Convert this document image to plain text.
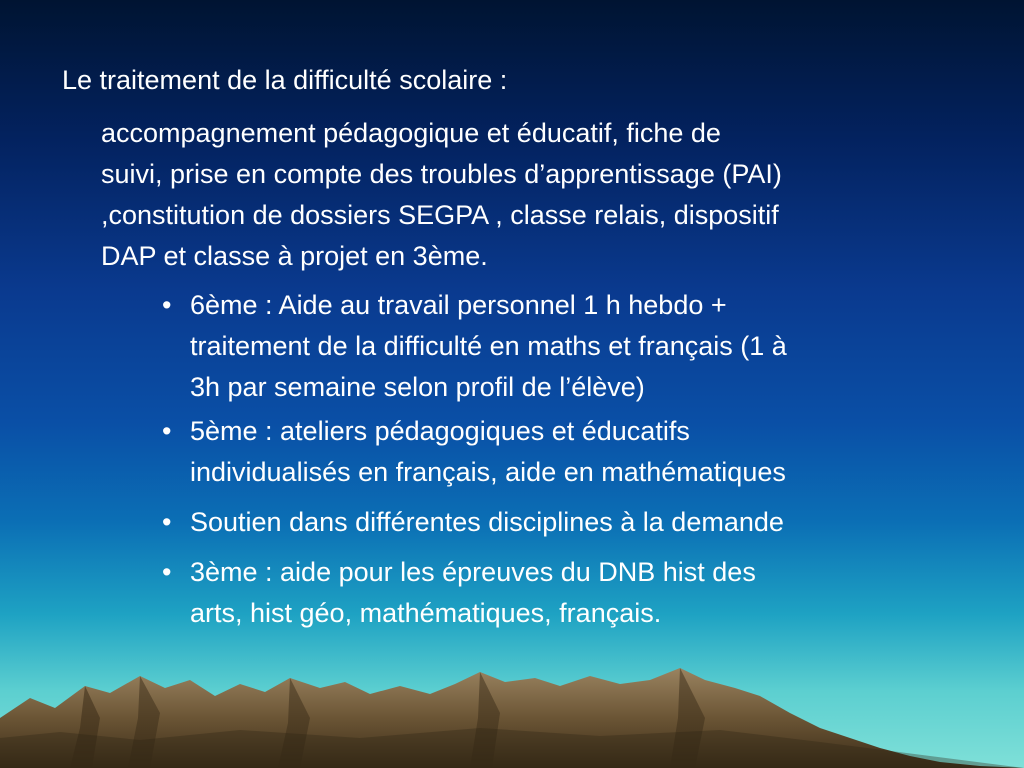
Le traitement de la difficulté scolaire :
accompagnement pédagogique et éducatif, fiche de
suivi, prise en compte des troubles d’apprentissage (PAI)
,constitution de dossiers SEGPA , classe relais, dispositif
DAP et classe à projet en 3ème.
• 6ème : Aide au travail personnel 1 h hebdo +
traitement de la difficulté en maths et français (1 à
3h par semaine selon profil de l’élève)
• 5ème : ateliers pédagogiques et éducatifs
individualisés en français, aide en mathématiques
• Soutien dans différentes disciplines à la demande
• 3ème : aide pour les épreuves du DNB hist des
arts, hist géo, mathématiques, français.
